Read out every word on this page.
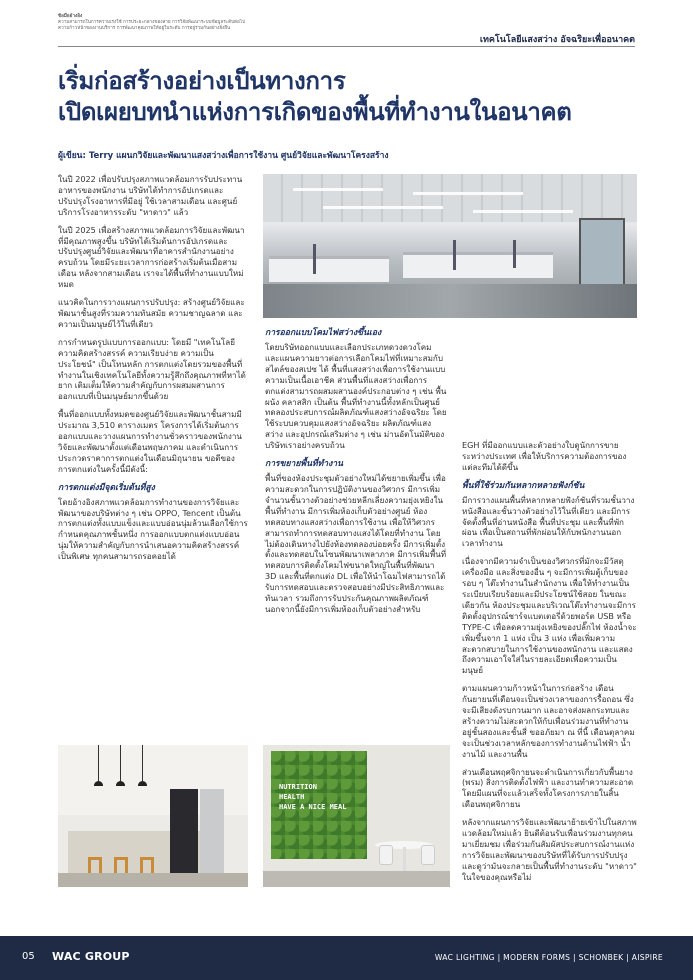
ข้อมืออ้างอิง
ความสามารถในการความเร่งใช้ การประยะกลางของสาย การวิจัยพัฒนาระบบข้อมูลระดับต่อไป
ความก้าวหน้าของงานบริการ การพัฒนาคุณภาพให้อยู่ในระดับ การอยู่ร่วมกันอย่างยั่งยืน
เทคโนโลยีแสงสว่าง อัจฉริยะเพื่ออนาคต
เริ่มก่อสร้างอย่างเป็นทางการ
เปิดเผยบทนำแห่งการเกิดของพื้นที่ทำงานในอนาคต
ผู้เขียน: Terry แผนกวิจัยและพัฒนาแสงสว่างเพื่อการใช้งาน ศูนย์วิจัยและพัฒนาโครงสร้าง

ในปี 2022 เพื่อปรับปรุงสภาพแวดล้อมการรับประทานอาหารของพนักงาน บริษัทได้ทำการอัปเกรดและปรับปรุงโรงอาหารที่มีอยู่ ใช้เวลาสามเดือน และศูนย์บริการโรงอาหารระดับ "หาดาว" แล้ว

ในปี 2025 เพื่อสร้างสภาพแวดล้อมการวิจัยและพัฒนาที่มีคุณภาพสูงขึ้น บริษัทได้เริ่มต้นการอัปเกรดและปรับปรุงศูนย์วิจัยและพัฒนาที่อาคารสำนักงานอย่างครบถ้วน โดยมีระยะเวลาการก่อสร้างเริ่มต้นเมื่อสามเดือน หลังจากสามเดือน เราจะได้พื้นที่ทำงานแบบใหม่หมด

แนวคิดในการวางแผนการปรับปรุง: สร้างศูนย์วิจัยและพัฒนาชั้นสูงที่รวมความทันสมัย ความชาญฉลาด และความเป็นมนุษย์ไว้ในที่เดียว

การกำหนดรูปแบบการออกแบบ: โดยมี "เทคโนโลยี ความคิดสร้างสรรค์ ความเรียบง่าย ความเป็นประโยชน์" เป็นโทนหลัก การตกแต่งโดยรวมของพื้นที่ทำงานในเชิงเทคโนโลยีทั้งความรู้สึกถึงคุณภาพที่หาได้ยาก เติมเต็มให้ความสำคัญกับการผสมผสานการออกแบบที่เป็นมนุษย์มากขึ้นด้วย

พื้นที่ออกแบบทั้งหมดของศูนย์วิจัยและพัฒนาชั้นสามมีประมาณ 3,510 ตารางเมตร โครงการได้เริ่มต้นการออกแบบและวางแผนการทำงานชั่วคราวของพนักงานวิจัยและพัฒนาตั้งแต่เดือนพฤษภาคม และดำเนินการประกวดราคาการตกแต่งในเดือนมิถุนายน ขอดีของการตกแต่งในครั้งนี้มีดังนี้:

การตกแต่งมีจุดเริ่มต้นที่สูง

โดยอ้างอิงสภาพแวดล้อมการทำงานของการวิจัยและพัฒนาของบริษัทต่าง ๆ เช่น OPPO, Tencent เป็นต้น การตกแต่งทั้งแบบแข็งและแบบอ่อนนุ่มล้วนเลือกใช้การกำหนดคุณภาพชั้นหนึ่ง การออกแบบตกแต่งแบบอ่อนนุ่มให้ความสำคัญกับการนำเสนอความคิดสร้างสรรค์เป็นพิเศษ ทุกคนสามารถรอคอยได้

การออกแบบโคมไฟสว่างขึ้นเอง

โดยบริษัทออกแบบและเลือกประเภทดวงดวงโคม และแผนความยาวต่อการเลือกโคมไฟที่เหมาะสมกับสไตล์ของสเปซ ได้ พื้นที่แสงสว่างเพื่อการใช้งานแบบความเป็นเนื้อเอาชีค ส่วนพื้นที่แสงสว่างเพื่อการตกแต่งสามารถผสมผสานองค์ประกอบต่าง ๆ เช่น พื้นผนัง คลาสสิก เป็นต้น พื้นที่ทำงานนี้ทั้งหลักเป็นศูนย์ทดลองประสบการณ์ผลิตภัณฑ์แสงสว่างอัจฉริยะ โดยใช้ระบบควบคุมแสงสว่างอัจฉริยะ ผลิตภัณฑ์แสงสว่าง และอุปกรณ์เสริมต่าง ๆ เช่น ม่านอัตโนมัติของบริษัทเราอย่างครบถ้วน

การขยายพื้นที่ทำงาน

พื้นที่ของห้องประชุมตัวอย่างใหม่ได้ขยายเพิ่มขึ้น เพื่อความสะดวกในการปฏิบัติงานของวิศวกร มีการเพิ่มจำนวนชั้นวางตัวอย่างช่วยหลีกเลี่ยงความยุ่งเหยิงในพื้นที่ทำงาน มีการเพิ่มห้องเก็บตัวอย่างศูนย์ ห้องทดสอบทางแสงสว่างเพื่อการใช้งาน เพื่อให้วิศวกรสามารถทำการทดสอบทางแสงได้โดยที่ทำงาน โดยไม่ต้องเดินทางไปยังห้องทดลองบ่อยครั้ง มีการเพิ่มตั้งตั้งและทดสอบในโซนพัฒนาเพลาภาค มีการเพิ่มพื้นที่ทดสอบการติดตั้งโคมไฟขนาดใหญ่ในพื้นที่พัฒนา 3D และพื้นที่ตกแต่ง DL เพื่อให้นำโฉมไฟสามารถได้รับการทดสอบและตรวจสอบอย่างมีประสิทธิภาพและทันเวลา รวมถึงการรับประกันคุณภาพผลิตภัณฑ์ นอกจากนี้ยังมีการเพิ่มห้องเก็บตัวอย่างสำหรับ

EGH ที่มีออกแบบและตัวอย่างใบดูนักการขายระหว่างประเทศ เพื่อให้บริการความต้องการของแต่ละทีมได้ดีขึ้น

พื้นที่ใช้ร่วมกันหลากหลายฟังก์ชัน

มีการวางแผนพื้นที่หลากหลายฟังก์ชันที่รวมชั้นวางหนังสือและชั้นวางตัวอย่างไว้ในที่เดียว และมีการจัดตั้งพื้นที่อ่านหนังสือ พื้นที่ประชุม และพื้นที่พักผ่อน เพื่อเป็นสถานที่พักผ่อนให้กับพนักงานนอกเวลาทำงาน

เนื่องจากมีความจำเป็นของวิศวกรที่มักจะมีวัสดุ เครื่องมือ และสิ่งของอื่น ๆ จะมีการเพิ่มตู้เก็บของรอบ ๆ โต๊ะทำงานในสำนักงาน เพื่อให้ทำงานเป็นระเบียบเรียบร้อยและมีประโยชน์ใช้สอย ในขณะเดียวกัน ห้องประชุมและบริเวณโต๊ะทำงานจะมีการติดตั้งอุปกรณ์ชาร์จแบตเตอรี่ด้วยพอร์ต USB หรือ TYPE-C เพื่อลดความยุ่งเหยิงของปลั๊กไฟ ห้องน้ำจะเพิ่มขึ้นจาก 1 แห่ง เป็น 3 แห่ง เพื่อเพิ่มความสะดวกสบายในการใช้งานของพนักงาน และแสดงถึงความเอาใจใส่ในรายละเอียดเพื่อความเป็นมนุษย์

ตามแผนความก้าวหน้าในการก่อสร้าง เดือนกันยายนที่เดือนจะเป็นช่วงเวลาของการรื้อถอน ซึ่งจะมีเสียงดังรบกวนมาก และอาจส่งผลกระทบและสร้างความไม่สะดวกให้กับเพื่อนร่วมงานที่ทำงานอยู่ชั้นสองและชั้นสี่ ขออภัยมา ณ ที่นี้ เดือนตุลาคมจะเป็นช่วงเวลาหลักของการทำงานด้านไฟฟ้า น้ำ งานไม้ และงานพื้น

ส่วนเดือนพฤศจิกายนจะดำเนินการเกี่ยวกับพื้นยาง (พรม) สิ่งการติดตั้งไฟฟ้า และงานทำความสะอาด โดยมีแผนที่จะแล้วเสร็จทั้งโครงการภายในสิ้นเดือนพฤศจิกายน

หลังจากแผนการวิจัยและพัฒนาย้ายเข้าไปในสภาพแวดล้อมใหม่แล้ว ยินดีต้อนรับเพื่อนร่วมงานทุกคนมาเยี่ยมชม เพื่อร่วมกันสัมผัสประสบการณ์งานแห่งการวิจัยและพัฒนาของบริษัทที่ได้รับการปรับปรุงและดูว่ามันจะกลายเป็นพื้นที่ทำงานระดับ "หาดาว" ในใจของคุณหรือไม่

NUTRITION
HEALTH
HAVE A NICE MEAL
05 WAC GROUP	WAC LIGHTING | MODERN FORMS | SCHONBEK | AISPIRE
